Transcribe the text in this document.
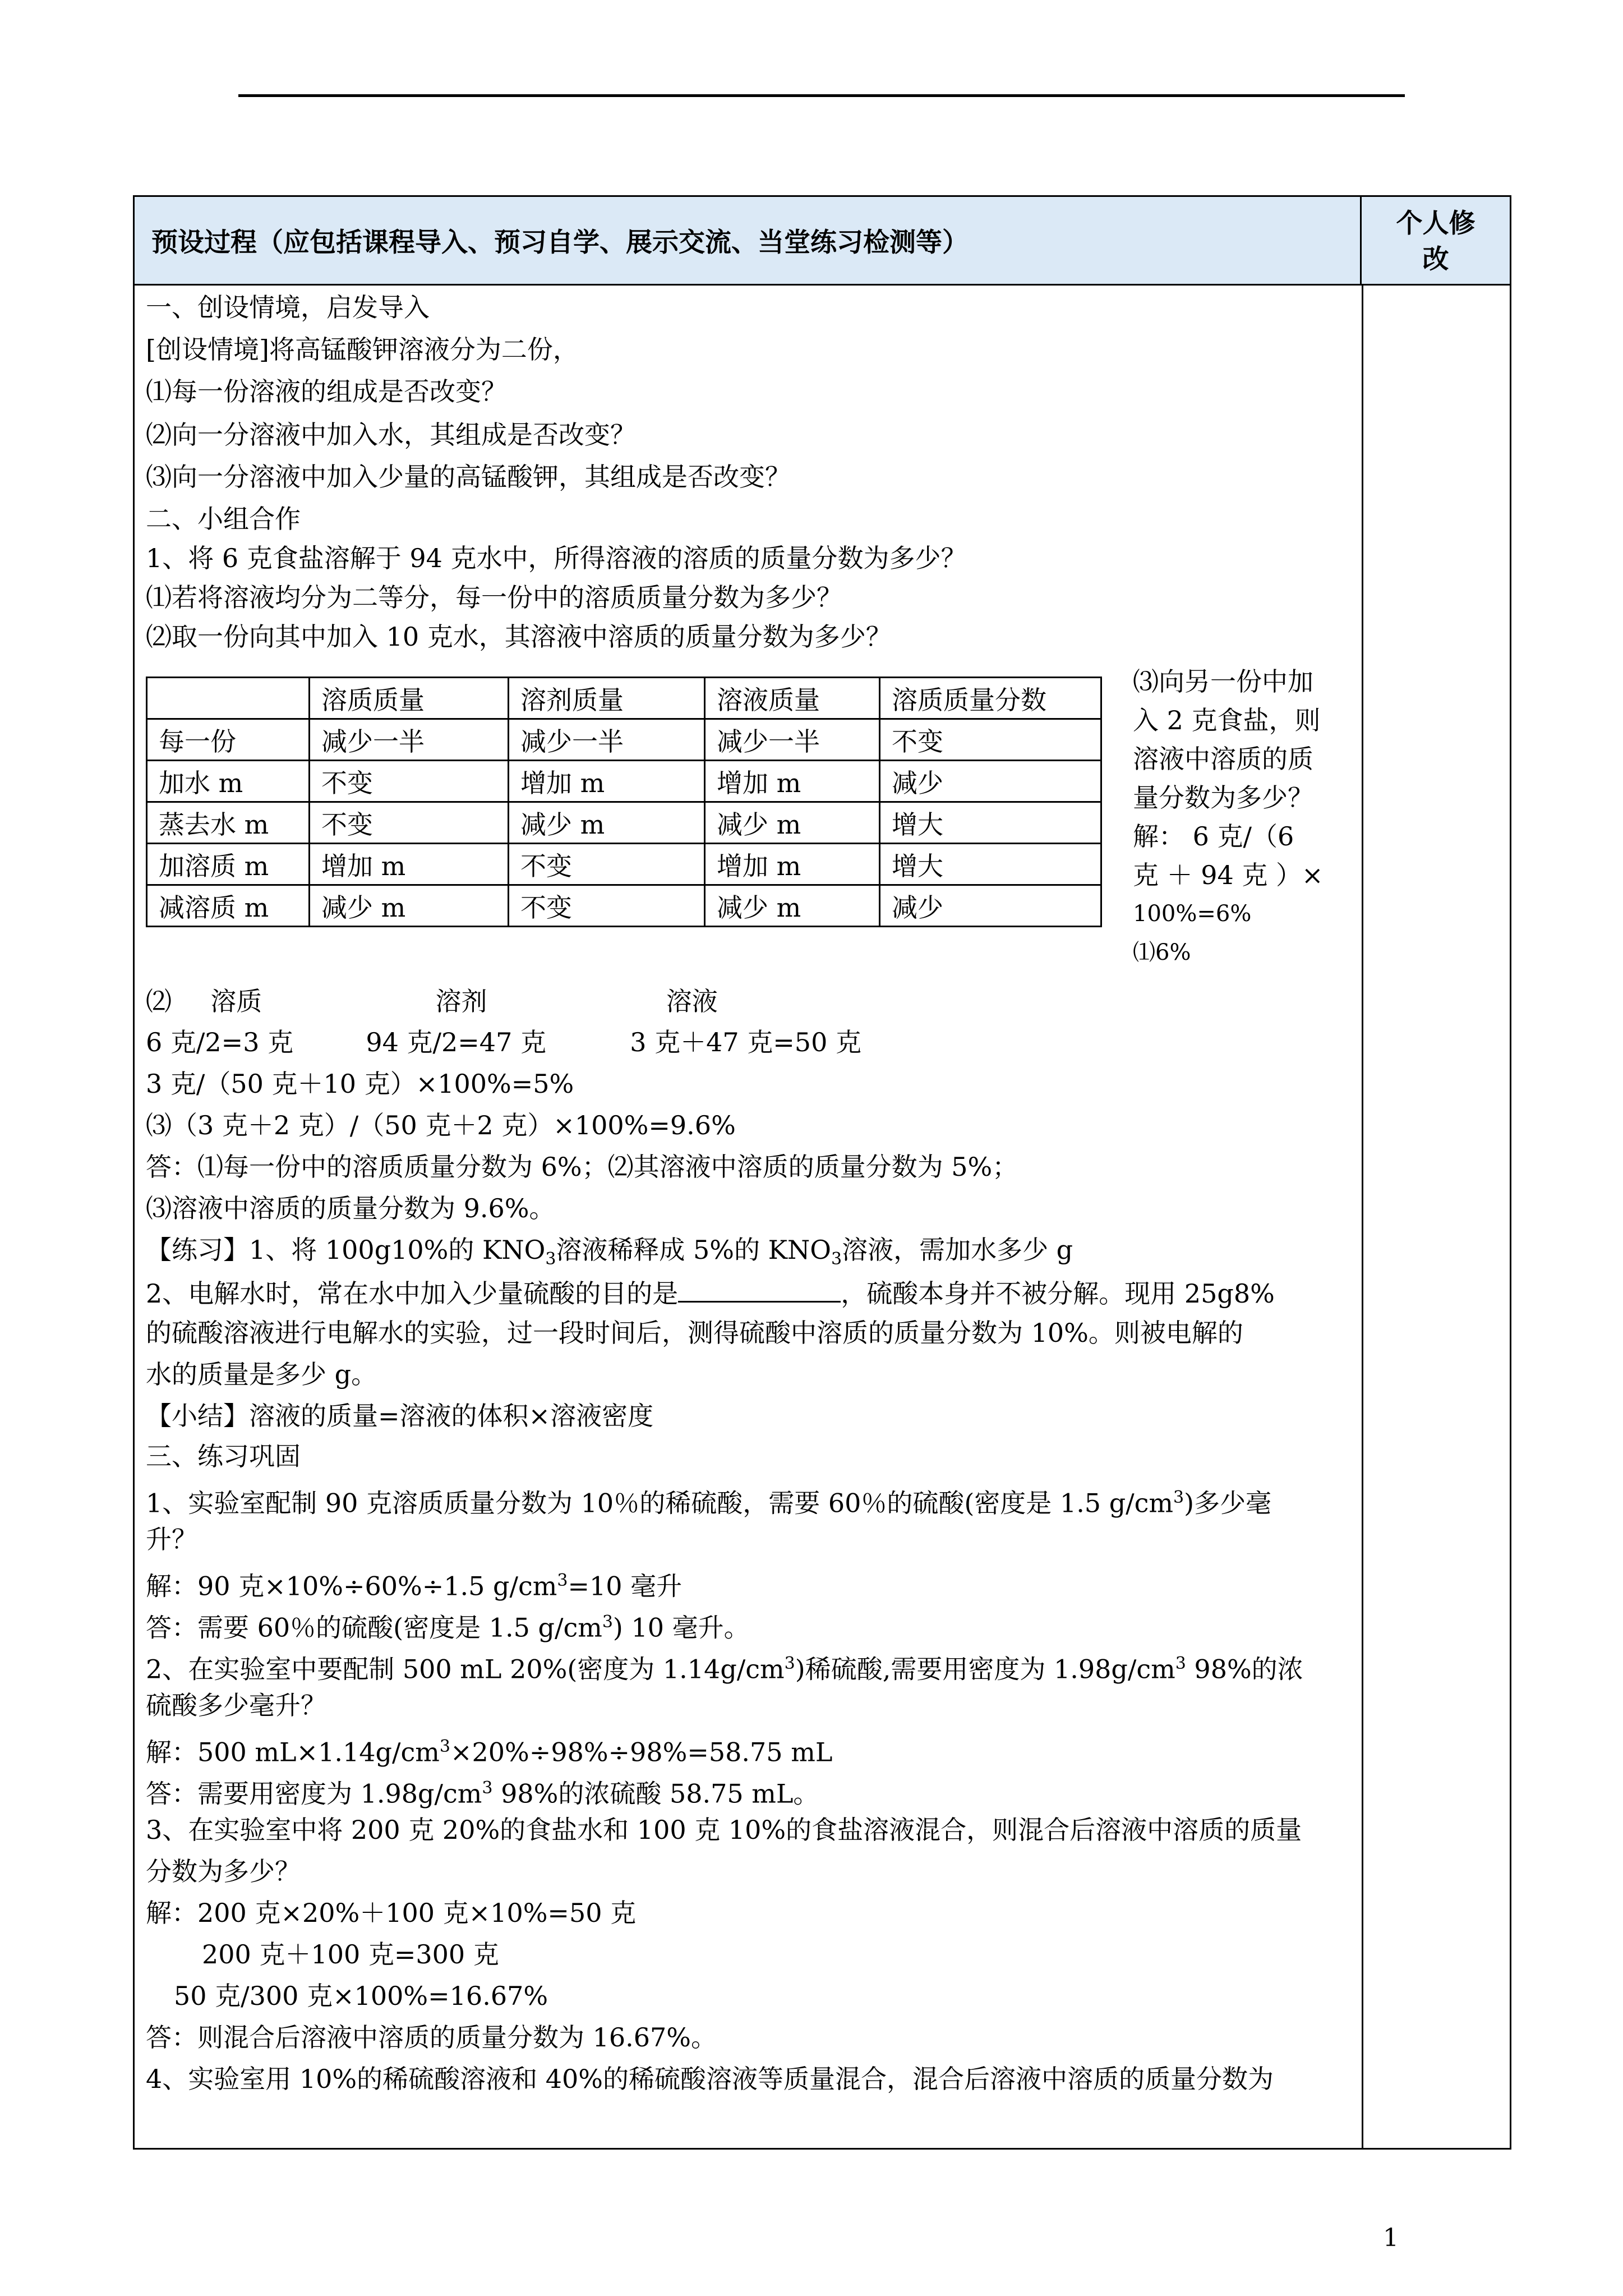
预设过程（应包括课程导入、预习自学、展示交流、当堂练习检测等）
个人修
改
一、创设情境，启发导入
[创设情境]将高锰酸钾溶液分为二份，
⑴每一份溶液的组成是否改变？
⑵向一分溶液中加入水，其组成是否改变？
⑶向一分溶液中加入少量的高锰酸钾，其组成是否改变？
二、小组合作
1、将 6 克食盐溶解于 94 克水中，所得溶液的溶质的质量分数为多少？
⑴若将溶液均分为二等分，每一份中的溶质质量分数为多少？
⑵取一份向其中加入 10 克水，其溶液中溶质的质量分数为多少？
	溶质质量	溶剂质量	溶液质量	溶质质量分数
每一份	减少一半	减少一半	减少一半	不变
加水 m	不变	增加 m	增加 m	减少
蒸去水 m	不变	减少 m	减少 m	增大
加溶质 m	增加 m	不变	增加 m	增大
减溶质 m	减少 m	不变	减少 m	减少
⑶向另一份中加
入 2 克食盐，则
溶液中溶质的质
量分数为多少？
解： 6 克/（6
克 ＋ 94 克 ）×
100%=6%
⑴6%
⑵ 溶质	溶剂	溶液
6 克/2=3 克	94 克/2=47 克	3 克＋47 克=50 克
3 克/（50 克＋10 克）×100%=5%
⑶（3 克＋2 克）/（50 克＋2 克）×100%=9.6%
答：⑴每一份中的溶质质量分数为 6%；⑵其溶液中溶质的质量分数为 5%；
⑶溶液中溶质的质量分数为 9.6%。
【练习】1、将 100g10%的 $KNO_3$溶液稀释成 5%的 $KNO_3$溶液，需加水多少 g
2、电解水时，常在水中加入少量硫酸的目的是	，硫酸本身并不被分解。现用 25g8%
的硫酸溶液进行电解水的实验，过一段时间后，测得硫酸中溶质的质量分数为 10%。则被电解的
水的质量是多少 g。
【小结】溶液的质量=溶液的体积×溶液密度
三、练习巩固
1、实验室配制 90 克溶质质量分数为 10％的稀硫酸，需要 60％的硫酸(密度是 1.5 $g/cm^3$)多少毫
升？
解：90 克×10%÷60%÷1.5 $g/cm^3=10$ 毫升
答：需要 60％的硫酸(密度是 1.5 $g/cm^3$) 10 毫升。
2、在实验室中要配制 500 mL 20%(密度为 $1.14g/cm^3$)稀硫酸,需要用密度为 $1.98g/cm^3$ 98%的浓
硫酸多少毫升？
解：500 $mL\times 1.14g/cm^3\times 20\%\div 98\%\div 98\%=58.75$ mL
答：需要用密度为 $1.98g/cm^3$ 98%的浓硫酸 58.75 mL。
3、在实验室中将 200 克 20%的食盐水和 100 克 10%的食盐溶液混合，则混合后溶液中溶质的质量
分数为多少？
解：200 克×20%＋100 克×10%=50 克
200 克＋100 克=300 克
50 克/300 克×100%=16.67%
答：则混合后溶液中溶质的质量分数为 16.67%。
4、实验室用 10%的稀硫酸溶液和 40%的稀硫酸溶液等质量混合，混合后溶液中溶质的质量分数为
1
